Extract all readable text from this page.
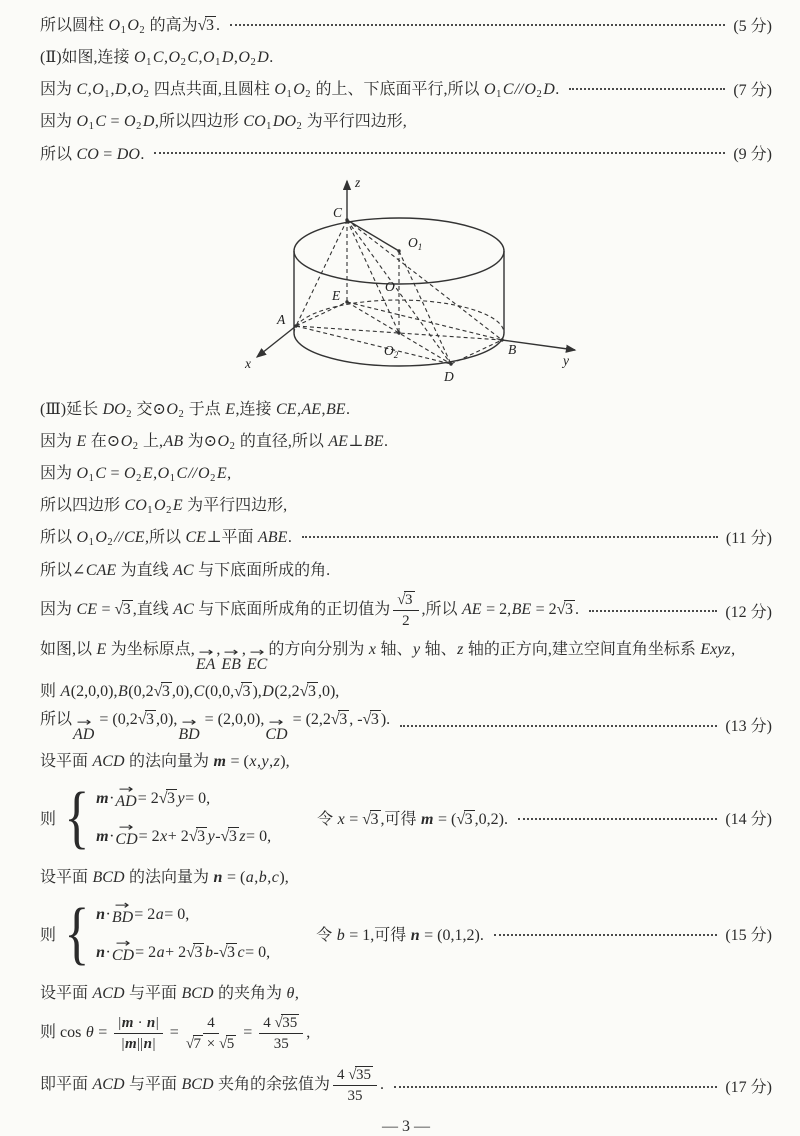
所以圆柱 $O_1O_2$ 的高为√3 .	(5 分)
(Ⅱ)如图,连接 $O_1C,O_2C,O_1D,O_2D$.
因为 $C,O_1,D,O_2$ 四点共面,且圆柱 $O_1O_2$ 的上、下底面平行,所以 $O_1C//O_2D$.	(7 分)
因为 $O_1C = O_2D$,所以四边形 $CO_1DO_2$ 为平行四边形,
所以 CO = DO.	(9 分)
z
x	y
C
$O_1$
O
E
$O_2$
A
B
D
(Ⅲ)延长 $DO_2$ 交$⊙O_2$ 于点 E,连接 CE,AE,BE.
因为 E 在$⊙O_2$ 上,AB 为$⊙O_2$ 的直径,所以 AE⊥BE.
因为 $O_1C = O_2E,O_1C//O_2E$,
所以四边形 $CO_1O_2E$ 为平行四边形,
所以 $O_1O_2//CE$,所以 CE⊥平面 ABE.	(11 分)
所以∠CAE 为直线 AC 与下底面所成的角.
因为 CE = √3 ,直线 AC 与下底面所成角的正切值为 $\frac{√3}{2}$ ,所以 AE = 2,BE = 2√3 .	(12 分)
如图,以 E 为坐标原点, →
EA
, →
EB
, →
EC
的方向分别为 x 轴、y 轴、z 轴的正方向,建立空间直角坐标系 Exyz,
则 A(2,0,0),B(0,2√3 ,0),C(0,0,√3 ),D(2,2√3 ,0),
所以 →
AD
= (0,2√3 ,0), →
BD
= (2,0,0), →
CD
= (2,2√3 , -√3 ).	(13 分)
设平面 ACD 的法向量为 m = (x,y,z),
则 { m ·
→
AD = 2 √3 y = 0,
m ·
→
CD = 2 x + 2 √3 y - √3 z = 0,
令 x = √3 ,可得 m = (√3 ,0,2).	(14 分)
设平面 BCD 的法向量为 n = (a,b,c),
则 { n ·
→
BD = 2 a = 0,
n ·
→
CD = 2 a + 2 √3 b - √3 c = 0,
令 b = 1,可得 n = (0,1,2).	(15 分)
设平面 ACD 与平面 BCD 的夹角为 θ,
则 $\cos \theta = \frac{|m \cdot n|}{|m||n|} = \frac{4}{√7 \times √5} = \frac{4 √35}{35}$ ,
即平面 ACD 与平面 BCD 夹角的余弦值为 $\frac{4 √35}{35}$ .	(17 分)
— 3 —
